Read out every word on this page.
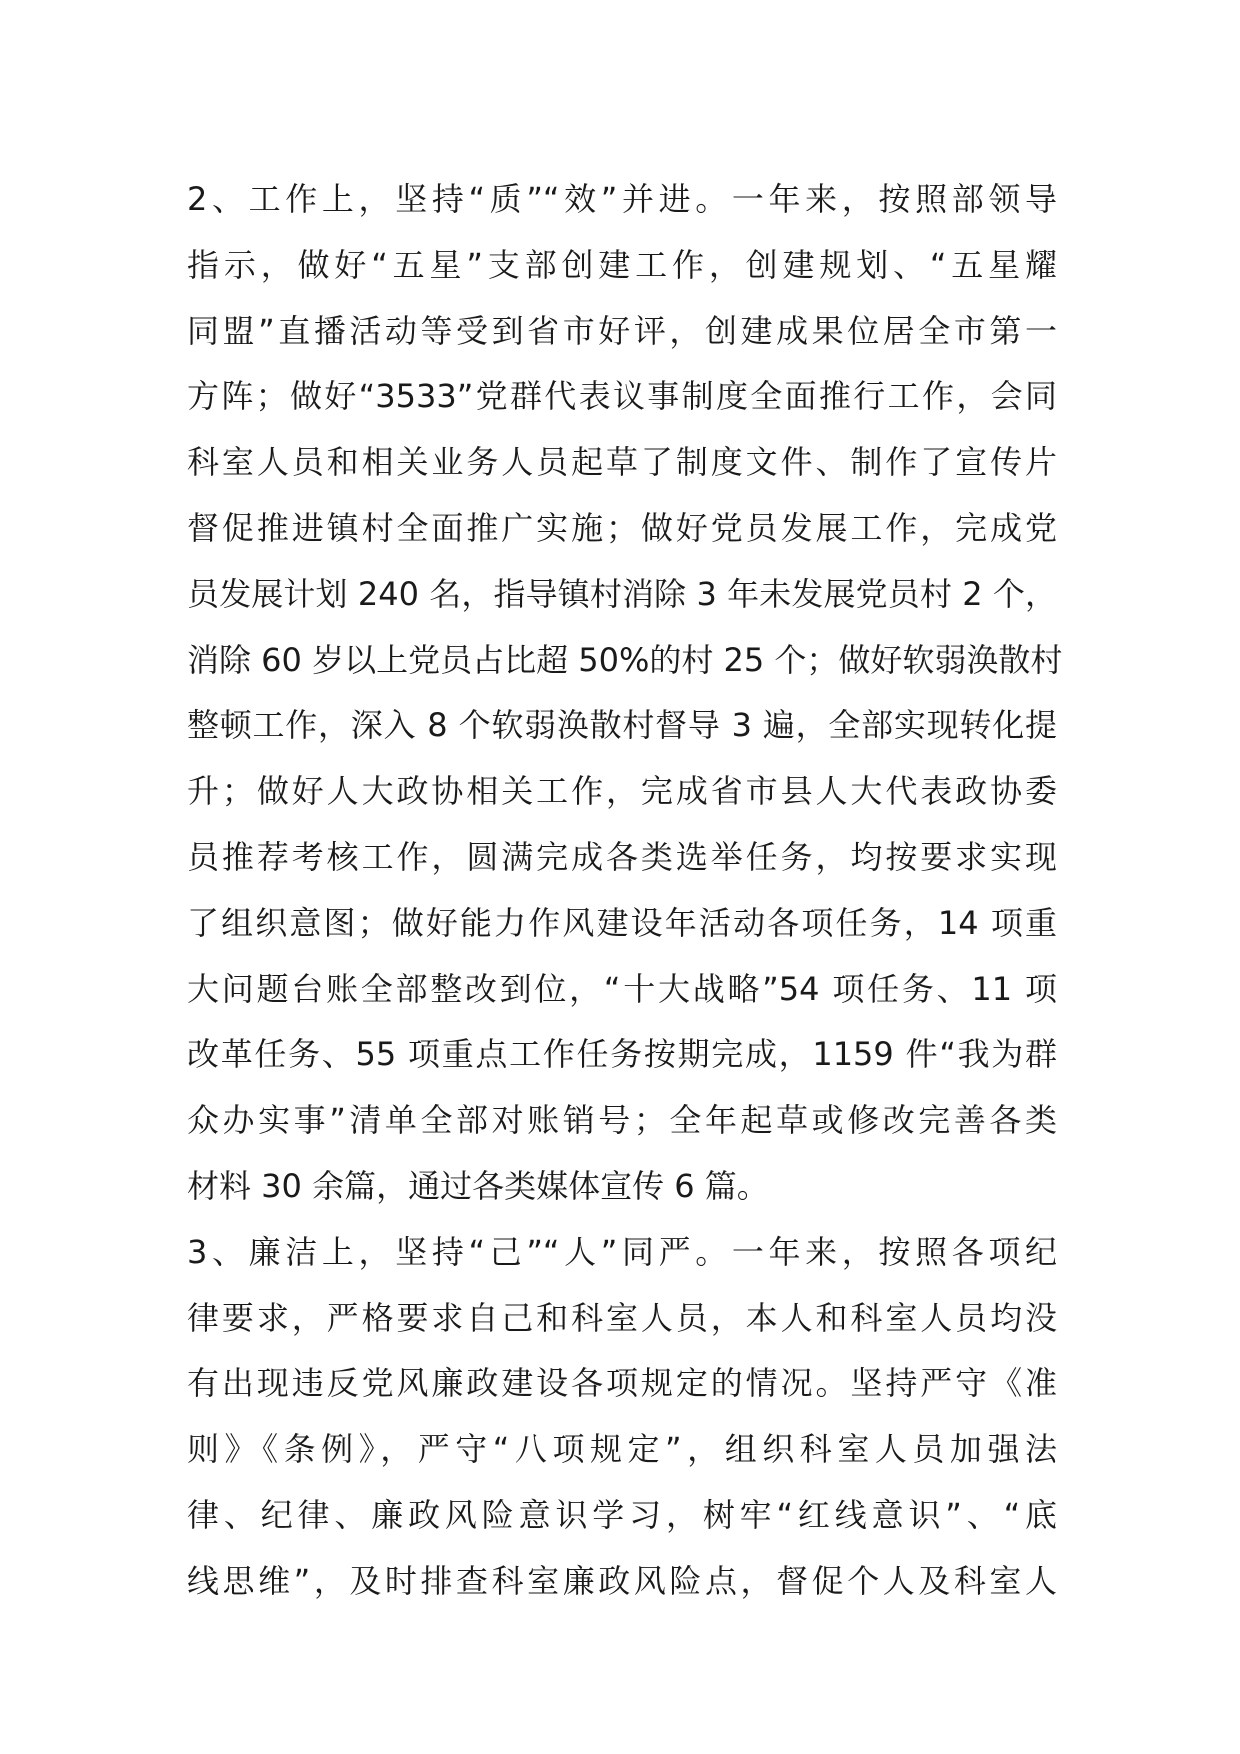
2、工作上，坚持“质”“效”并进。一年来，按照部领导
指示，做好“五星”支部创建工作，创建规划、“五星耀
同盟”直播活动等受到省市好评，创建成果位居全市第一
方阵；做好“3533”党群代表议事制度全面推行工作，会同
科室人员和相关业务人员起草了制度文件、制作了宣传片
督促推进镇村全面推广实施；做好党员发展工作，完成党
员发展计划 240 名，指导镇村消除 3 年未发展党员村 2 个，
消除 60 岁以上党员占比超 50%的村 25 个；做好软弱涣散村
整顿工作，深入 8 个软弱涣散村督导 3 遍，全部实现转化提
升；做好人大政协相关工作，完成省市县人大代表政协委
员推荐考核工作，圆满完成各类选举任务，均按要求实现
了组织意图；做好能力作风建设年活动各项任务，14 项重
大问题台账全部整改到位，“十大战略”54 项任务、11 项
改革任务、55 项重点工作任务按期完成，1159 件“我为群
众办实事”清单全部对账销号；全年起草或修改完善各类
材料 30 余篇，通过各类媒体宣传 6 篇。
3、廉洁上，坚持“己”“人”同严。一年来，按照各项纪
律要求，严格要求自己和科室人员，本人和科室人员均没
有出现违反党风廉政建设各项规定的情况。坚持严守《准
则》《条例》，严守“八项规定”，组织科室人员加强法
律、纪律、廉政风险意识学习，树牢“红线意识”、“底
线思维”，及时排查科室廉政风险点，督促个人及科室人
